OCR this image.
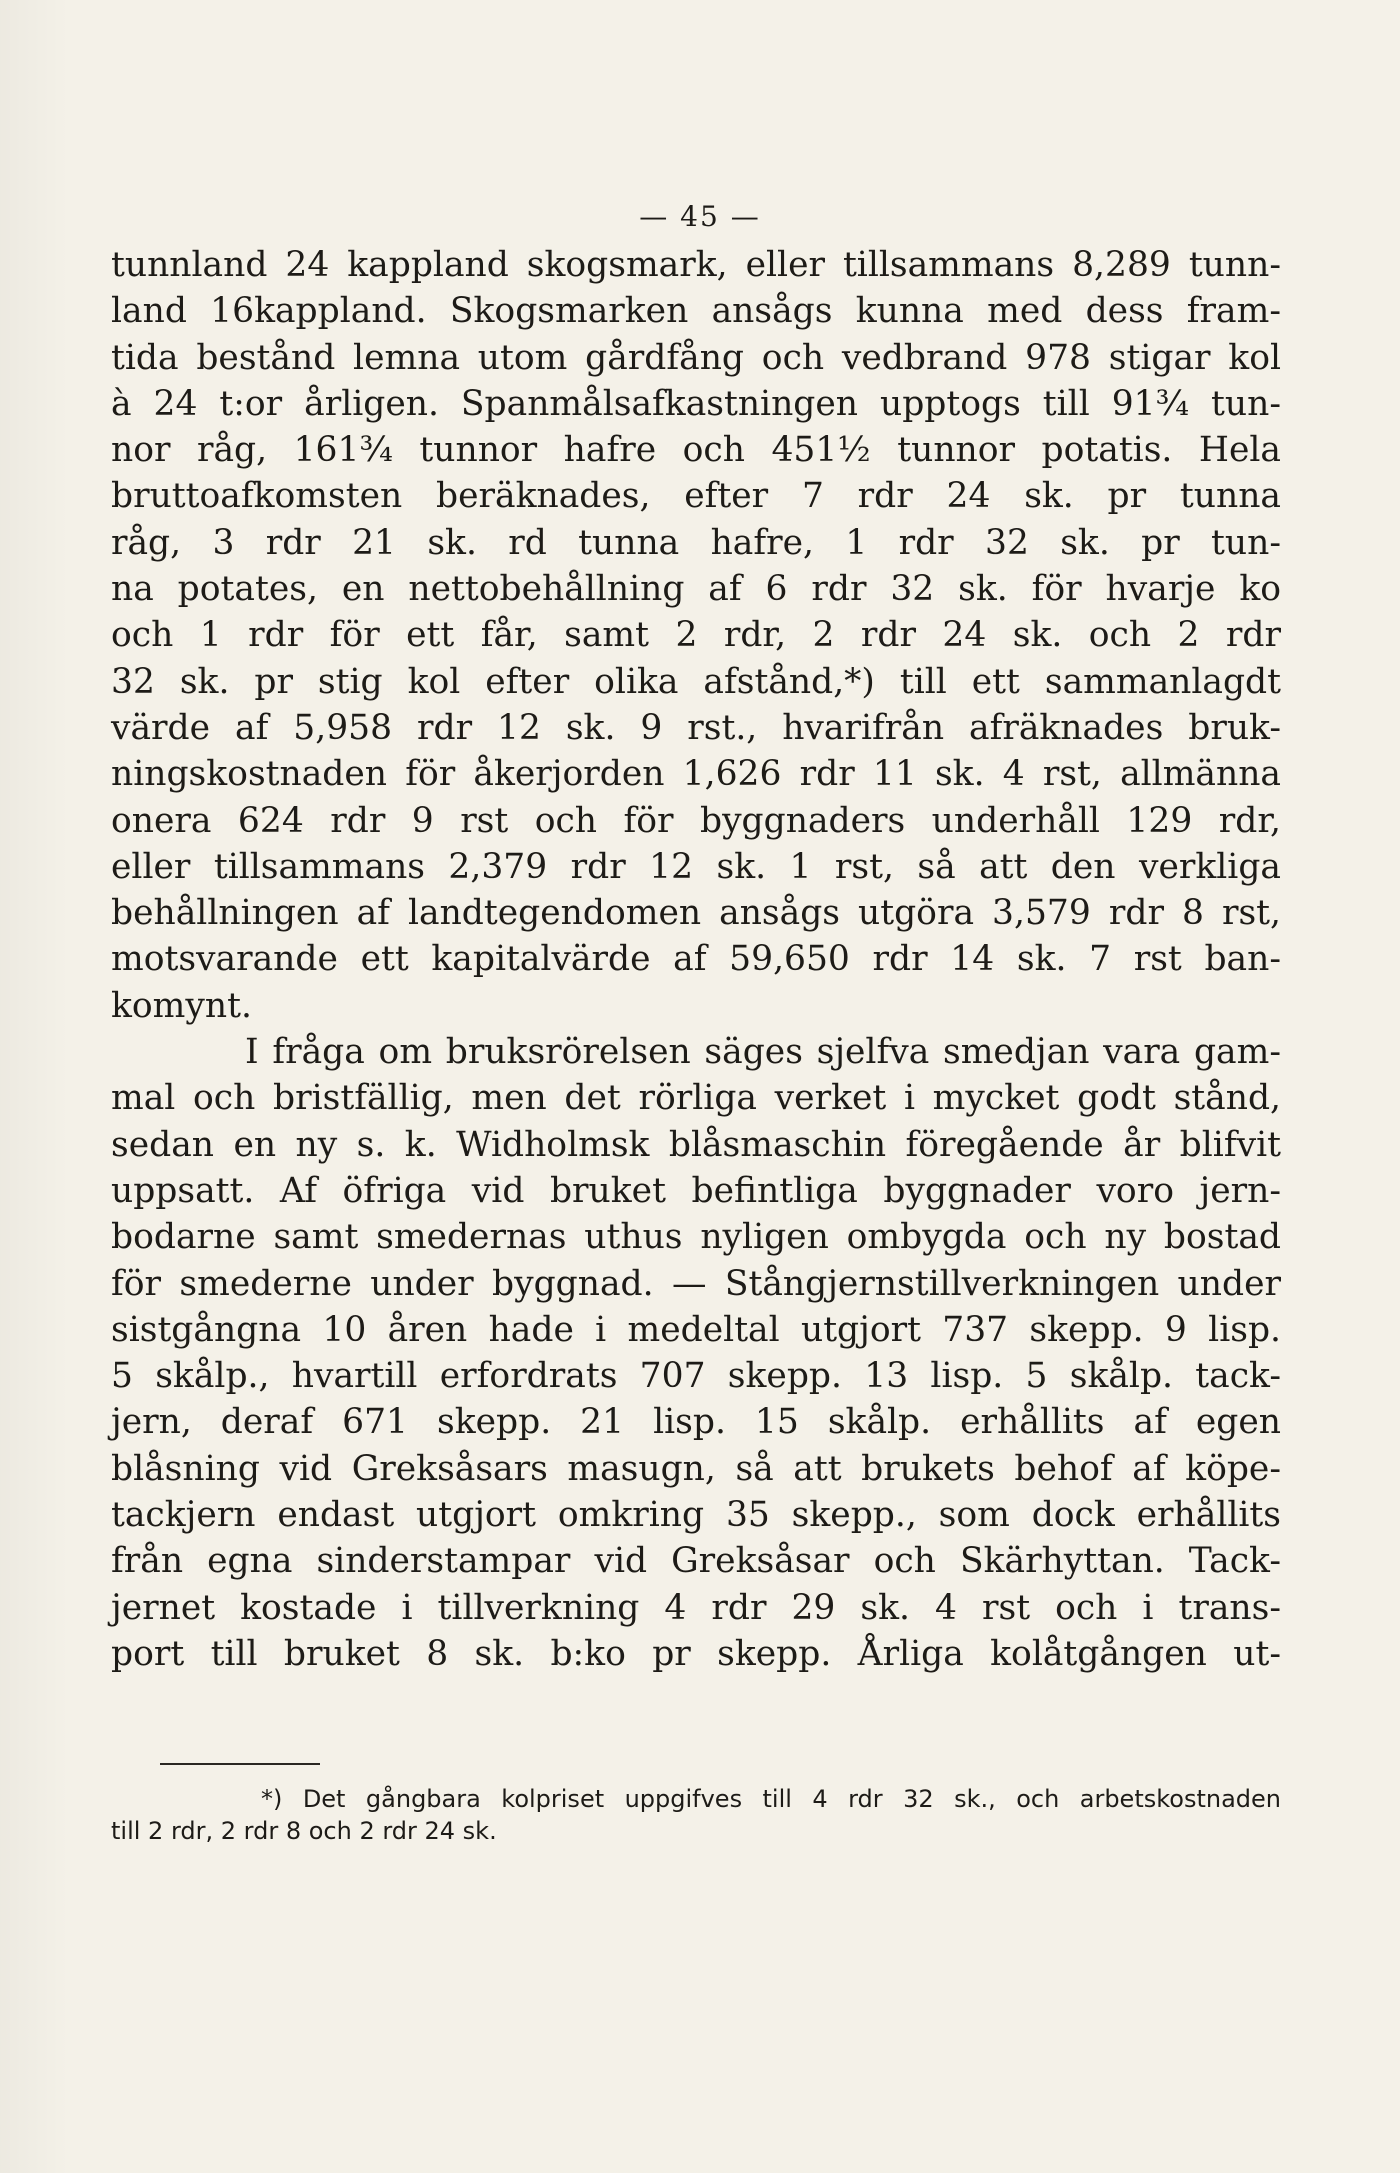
— 45 —
tunnland 24 kappland skogsmark, eller tillsammans 8,289 tunn-
land 16kappland. Skogsmarken ansågs kunna med dess fram-
tida bestånd lemna utom gårdfång och vedbrand 978 stigar kol
à 24 t:or årligen. Spanmålsafkastningen upptogs till 91¾ tun-
nor råg, 161¾ tunnor hafre och 451½ tunnor potatis. Hela
bruttoafkomsten beräknades, efter 7 rdr 24 sk. pr tunna
råg, 3 rdr 21 sk. rd tunna hafre, 1 rdr 32 sk. pr tun-
na potates, en nettobehållning af 6 rdr 32 sk. för hvarje ko
och 1 rdr för ett får, samt 2 rdr, 2 rdr 24 sk. och 2 rdr
32 sk. pr stig kol efter olika afstånd,*) till ett sammanlagdt
värde af 5,958 rdr 12 sk. 9 rst., hvarifrån afräknades bruk-
ningskostnaden för åkerjorden 1,626 rdr 11 sk. 4 rst, allmänna
onera 624 rdr 9 rst och för byggnaders underhåll 129 rdr,
eller tillsammans 2,379 rdr 12 sk. 1 rst, så att den verkliga
behållningen af landtegendomen ansågs utgöra 3,579 rdr 8 rst,
motsvarande ett kapitalvärde af 59,650 rdr 14 sk. 7 rst ban-
komynt.
I fråga om bruksrörelsen säges sjelfva smedjan vara gam-
mal och bristfällig, men det rörliga verket i mycket godt stånd,
sedan en ny s. k. Widholmsk blåsmaschin föregående år blifvit
uppsatt. Af öfriga vid bruket befintliga byggnader voro jern-
bodarne samt smedernas uthus nyligen ombygda och ny bostad
för smederne under byggnad. — Stångjernstillverkningen under
sistgångna 10 åren hade i medeltal utgjort 737 skepp. 9 lisp.
5 skålp., hvartill erfordrats 707 skepp. 13 lisp. 5 skålp. tack-
jern, deraf 671 skepp. 21 lisp. 15 skålp. erhållits af egen
blåsning vid Greksåsars masugn, så att brukets behof af köpe-
tackjern endast utgjort omkring 35 skepp., som dock erhållits
från egna sinderstampar vid Greksåsar och Skärhyttan. Tack-
jernet kostade i tillverkning 4 rdr 29 sk. 4 rst och i trans-
port till bruket 8 sk. b:ko pr skepp. Årliga kolåtgången ut-
*) Det gångbara kolpriset uppgifves till 4 rdr 32 sk., och arbetskostnaden
till 2 rdr, 2 rdr 8 och 2 rdr 24 sk.
